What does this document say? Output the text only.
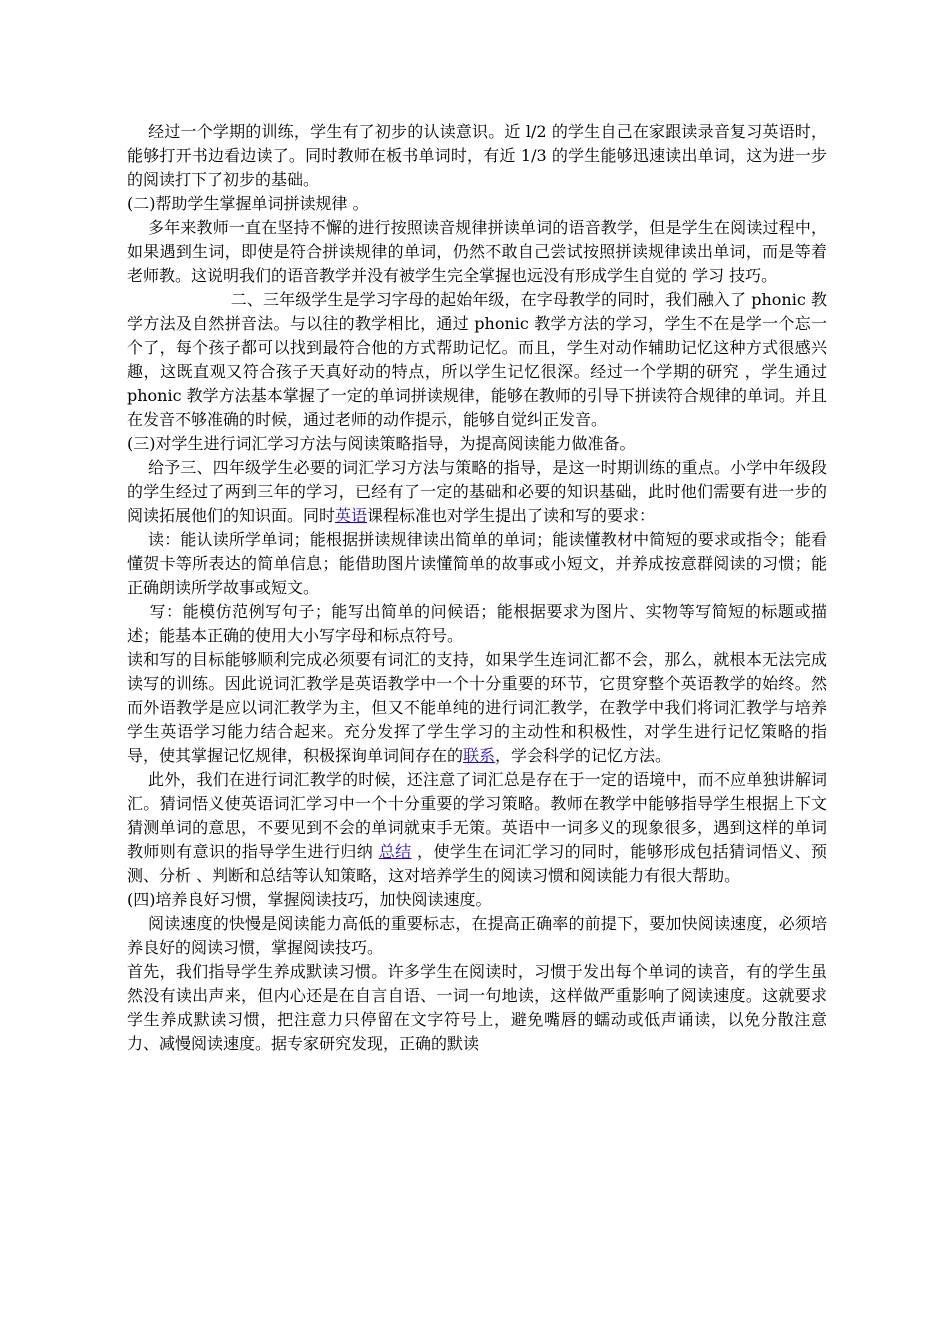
经过一个学期的训练，学生有了初步的认读意识。近 l/2 的学生自己在家跟读录音复习英语时，能够打开书边看边读了。同时教师在板书单词时，有近 1/3 的学生能够迅速读出单词，这为进一步的阅读打下了初步的基础。

(二)帮助学生掌握单词拼读规律 。

多年来教师一直在坚持不懈的进行按照读音规律拼读单词的语音教学，但是学生在阅读过程中，如果遇到生词，即使是符合拼读规律的单词，仍然不敢自己尝试按照拼读规律读出单词，而是等着老师教。这说明我们的语音教学并没有被学生完全掌握也远没有形成学生自觉的 学习 技巧。

二、三年级学生是学习字母的起始年级，在字母教学的同时，我们融入了 phonic 教学方法及自然拼音法。与以往的教学相比，通过 phonic 教学方法的学习，学生不在是学一个忘一个了，每个孩子都可以找到最符合他的方式帮助记忆。而且，学生对动作辅助记忆这种方式很感兴趣，这既直观又符合孩子天真好动的特点，所以学生记忆很深。经过一个学期的研究 ，学生通过 phonic 教学方法基本掌握了一定的单词拼读规律，能够在教师的引导下拼读符合规律的单词。并且在发音不够准确的时候，通过老师的动作提示，能够自觉纠正发音。

(三)对学生进行词汇学习方法与阅读策略指导，为提高阅读能力做准备。

给予三、四年级学生必要的词汇学习方法与策略的指导，是这一时期训练的重点。小学中年级段的学生经过了两到三年的学习，已经有了一定的基础和必要的知识基础，此时他们需要有进一步的阅读拓展他们的知识面。同时英语课程标准也对学生提出了读和写的要求：

读：能认读所学单词；能根据拼读规律读出简单的单词；能读懂教材中简短的要求或指令；能看懂贺卡等所表达的简单信息；能借助图片读懂简单的故事或小短文，并养成按意群阅读的习惯；能正确朗读所学故事或短文。

写：能模仿范例写句子；能写出简单的问候语；能根据要求为图片、实物等写简短的标题或描述；能基本正确的使用大小写字母和标点符号。

读和写的目标能够顺利完成必须要有词汇的支持，如果学生连词汇都不会，那么，就根本无法完成读写的训练。因此说词汇教学是英语教学中一个十分重要的环节，它贯穿整个英语教学的始终。然而外语教学是应以词汇教学为主，但又不能单纯的进行词汇教学，在教学中我们将词汇教学与培养学生英语学习能力结合起来。充分发挥了学生学习的主动性和积极性，对学生进行记忆策略的指导，使其掌握记忆规律，积极探询单词间存在的联系，学会科学的记忆方法。

此外，我们在进行词汇教学的时候，还注意了词汇总是存在于一定的语境中，而不应单独讲解词汇。猜词悟义使英语词汇学习中一个十分重要的学习策略。教师在教学中能够指导学生根据上下文猜测单词的意思，不要见到不会的单词就束手无策。英语中一词多义的现象很多，遇到这样的单词教师则有意识的指导学生进行归纳 总结 ，使学生在词汇学习的同时，能够形成包括猜词悟义、预测、分析 、判断和总结等认知策略，这对培养学生的阅读习惯和阅读能力有很大帮助。

(四)培养良好习惯，掌握阅读技巧，加快阅读速度。

阅读速度的快慢是阅读能力高低的重要标志，在提高正确率的前提下，要加快阅读速度，必须培养良好的阅读习惯，掌握阅读技巧。

首先，我们指导学生养成默读习惯。许多学生在阅读时，习惯于发出每个单词的读音，有的学生虽然没有读出声来，但内心还是在自言自语、一词一句地读，这样做严重影响了阅读速度。这就要求学生养成默读习惯，把注意力只停留在文字符号上，避免嘴唇的蠕动或低声诵读，以免分散注意力、减慢阅读速度。据专家研究发现，正确的默读
